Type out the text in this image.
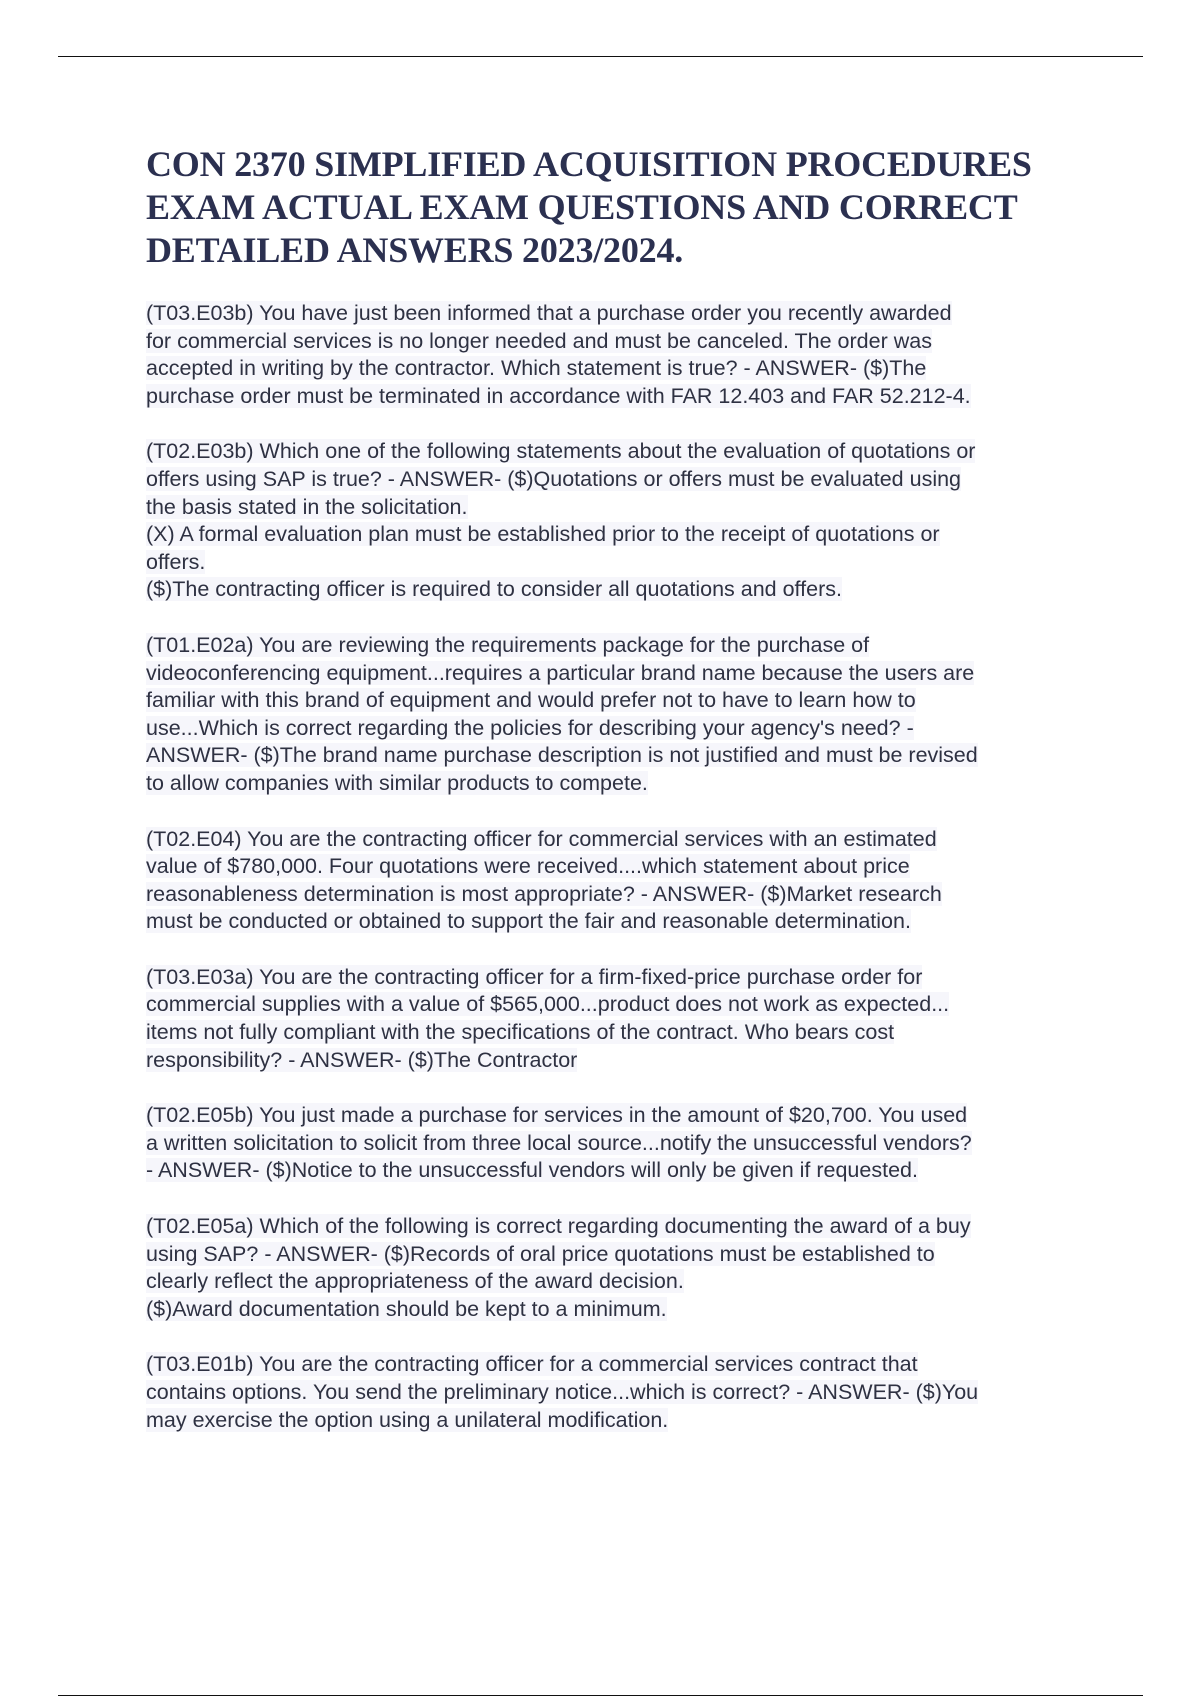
CON 2370 SIMPLIFIED ACQUISITION PROCEDURES
EXAM ACTUAL EXAM QUESTIONS AND CORRECT
DETAILED ANSWERS 2023/2024.
(T03.E03b) You have just been informed that a purchase order you recently awarded
for commercial services is no longer needed and must be canceled. The order was
accepted in writing by the contractor. Which statement is true? - ANSWER- ($)The
purchase order must be terminated in accordance with FAR 12.403 and FAR 52.212-4.
(T02.E03b) Which one of the following statements about the evaluation of quotations or
offers using SAP is true? - ANSWER- ($)Quotations or offers must be evaluated using
the basis stated in the solicitation.
(X) A formal evaluation plan must be established prior to the receipt of quotations or
offers.
($)The contracting officer is required to consider all quotations and offers.
(T01.E02a) You are reviewing the requirements package for the purchase of
videoconferencing equipment...requires a particular brand name because the users are
familiar with this brand of equipment and would prefer not to have to learn how to
use...Which is correct regarding the policies for describing your agency's need? -
ANSWER- ($)The brand name purchase description is not justified and must be revised
to allow companies with similar products to compete.
(T02.E04) You are the contracting officer for commercial services with an estimated
value of $780,000. Four quotations were received....which statement about price
reasonableness determination is most appropriate? - ANSWER- ($)Market research
must be conducted or obtained to support the fair and reasonable determination.
(T03.E03a) You are the contracting officer for a firm-fixed-price purchase order for
commercial supplies with a value of $565,000...product does not work as expected...
items not fully compliant with the specifications of the contract. Who bears cost
responsibility? - ANSWER- ($)The Contractor
(T02.E05b) You just made a purchase for services in the amount of $20,700. You used
a written solicitation to solicit from three local source...notify the unsuccessful vendors?
- ANSWER- ($)Notice to the unsuccessful vendors will only be given if requested.
(T02.E05a) Which of the following is correct regarding documenting the award of a buy
using SAP? - ANSWER- ($)Records of oral price quotations must be established to
clearly reflect the appropriateness of the award decision.
($)Award documentation should be kept to a minimum.
(T03.E01b) You are the contracting officer for a commercial services contract that
contains options. You send the preliminary notice...which is correct? - ANSWER- ($)You
may exercise the option using a unilateral modification.
